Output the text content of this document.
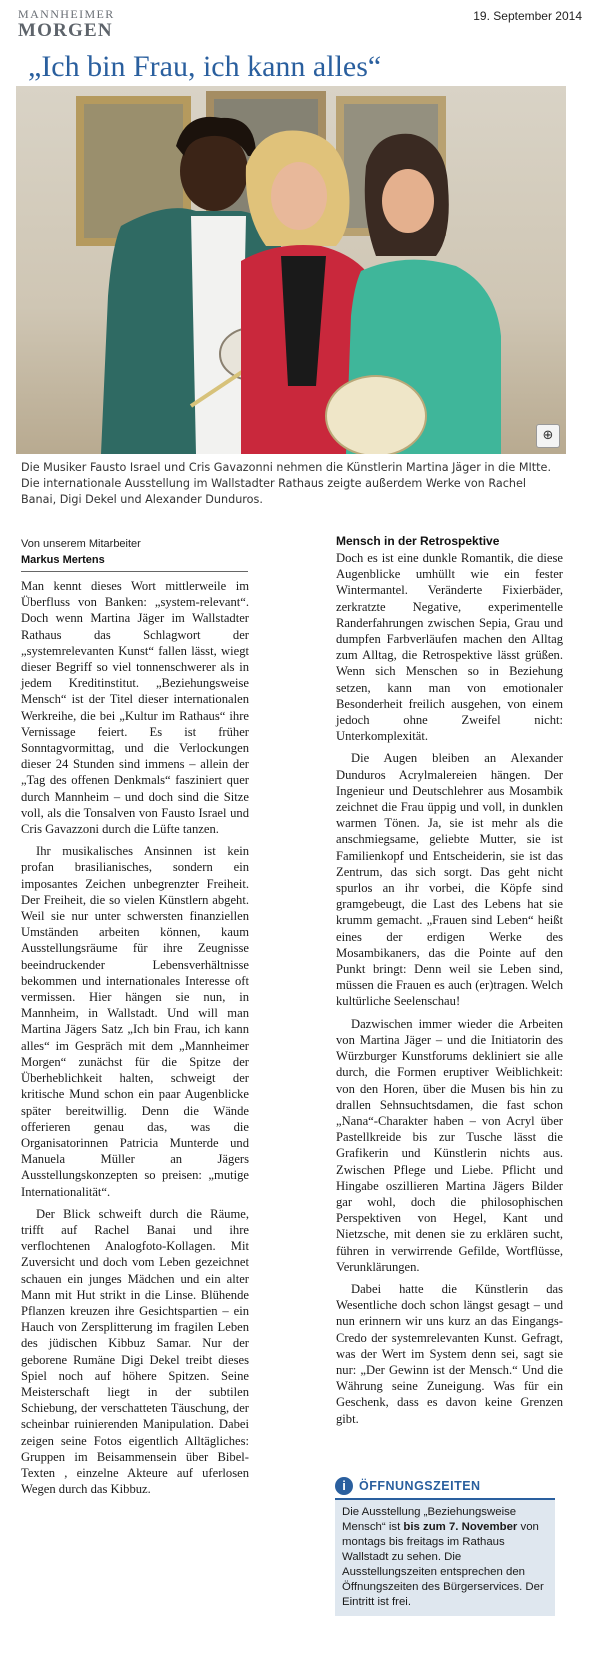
MANNHEIMER
MORGEN
19. September 2014
„Ich bin Frau, ich kann alles“
⊕
Die Musiker Fausto Israel und Cris Gavazonni nehmen die Künstlerin Martina Jäger in die MItte. Die internationale Ausstellung im Wallstadter Rathaus zeigte außerdem Werke von Rachel Banai, Digi Dekel und Alexander Dunduros.
Von unserem Mitarbeiter
Markus Mertens

Man kennt dieses Wort mittlerweile im Überfluss von Banken: „system-relevant“. Doch wenn Martina Jäger im Wallstadter Rathaus das Schlagwort der „systemrelevanten Kunst“ fallen lässt, wiegt dieser Begriff so viel tonnenschwerer als in jedem Kreditinstitut. „Beziehungsweise Mensch“ ist der Titel dieser internationalen Werkreihe, die bei „Kultur im Rathaus“ ihre Vernissage feiert. Es ist früher Sonntagvormittag, und die Verlockungen dieser 24 Stunden sind immens – allein der „Tag des offenen Denkmals“ fasziniert quer durch Mannheim – und doch sind die Sitze voll, als die Tonsalven von Fausto Israel und Cris Gavazzoni durch die Lüfte tanzen.

Ihr musikalisches Ansinnen ist kein profan brasilianisches, sondern ein imposantes Zeichen unbegrenzter Freiheit. Der Freiheit, die so vielen Künstlern abgeht. Weil sie nur unter schwersten finanziellen Umständen arbeiten können, kaum Ausstellungsräume für ihre Zeugnisse beeindruckender Lebensverhältnisse bekommen und internationales Interesse oft vermissen. Hier hängen sie nun, in Mannheim, in Wallstadt. Und will man Martina Jägers Satz „Ich bin Frau, ich kann alles“ im Gespräch mit dem „Mannheimer Morgen“ zunächst für die Spitze der Überheblichkeit halten, schweigt der kritische Mund schon ein paar Augenblicke später bereitwillig. Denn die Wände offerieren genau das, was die Organisatorinnen Patricia Munterde und Manuela Müller an Jägers Ausstellungskonzepten so preisen: „mutige Internationalität“.

Der Blick schweift durch die Räume, trifft auf Rachel Banai und ihre verflochtenen Analogfoto-Kollagen. Mit Zuversicht und doch vom Leben gezeichnet schauen ein junges Mädchen und ein alter Mann mit Hut strikt in die Linse. Blühende Pflanzen kreuzen ihre Gesichtspartien – ein Hauch von Zersplitterung im fragilen Leben des jüdischen Kibbuz Samar. Nur der geborene Rumäne Digi Dekel treibt dieses Spiel noch auf höhere Spitzen. Seine Meisterschaft liegt in der subtilen Schiebung, der verschatteten Täuschung, der scheinbar ruinierenden Manipulation. Dabei zeigen seine Fotos eigentlich Alltägliches: Gruppen im Beisammensein über Bibel-Texten , einzelne Akteure auf uferlosen Wegen durch das Kibbuz.

Mensch in der Retrospektive

Doch es ist eine dunkle Romantik, die diese Augenblicke umhüllt wie ein fester Wintermantel. Veränderte Fixierbäder, zerkratzte Negative, experimentelle Randerfahrungen zwischen Sepia, Grau und dumpfen Farbverläufen machen den Alltag zum Alltag, die Retrospektive lässt grüßen. Wenn sich Menschen so in Beziehung setzen, kann man von emotionaler Besonderheit freilich ausgehen, von einem jedoch ohne Zweifel nicht: Unterkomplexität.

Die Augen bleiben an Alexander Dunduros Acrylmalereien hängen. Der Ingenieur und Deutschlehrer aus Mosambik zeichnet die Frau üppig und voll, in dunklen warmen Tönen. Ja, sie ist mehr als die anschmiegsame, geliebte Mutter, sie ist Familienkopf und Entscheiderin, sie ist das Zentrum, das sich sorgt. Das geht nicht spurlos an ihr vorbei, die Köpfe sind gramgebeugt, die Last des Lebens hat sie krumm gemacht. „Frauen sind Leben“ heißt eines der erdigen Werke des Mosambikaners, das die Pointe auf den Punkt bringt: Denn weil sie Leben sind, müssen die Frauen es auch (er)tragen. Welch kultürliche Seelenschau!

Dazwischen immer wieder die Arbeiten von Martina Jäger – und die Initiatorin des Würzburger Kunstforums dekliniert sie alle durch, die Formen eruptiver Weiblichkeit: von den Horen, über die Musen bis hin zu drallen Sehnsuchtsdamen, die fast schon „Nana“-Charakter haben – von Acryl über Pastellkreide bis zur Tusche lässt die Grafikerin und Künstlerin nichts aus. Zwischen Pflege und Liebe. Pflicht und Hingabe oszillieren Martina Jägers Bilder gar wohl, doch die philosophischen Perspektiven von Hegel, Kant und Nietzsche, mit denen sie zu erklären sucht, führen in verwirrende Gefilde, Wortflüsse, Verunklärungen.

Dabei hatte die Künstlerin das Wesentliche doch schon längst gesagt – und nun erinnern wir uns kurz an das Eingangs-Credo der systemrelevanten Kunst. Gefragt, was der Wert im System denn sei, sagt sie nur: „Der Gewinn ist der Mensch.“ Und die Währung seine Zuneigung. Was für ein Geschenk, dass es davon keine Grenzen gibt.

i	ÖFFNUNGSZEITEN
Die Ausstellung „Beziehungsweise Mensch“ ist bis zum 7. November von montags bis freitags im Rathaus Wallstadt zu sehen. Die Ausstellungszeiten entsprechen den Öffnungszeiten des Bürgerservices. Der Eintritt ist frei.
